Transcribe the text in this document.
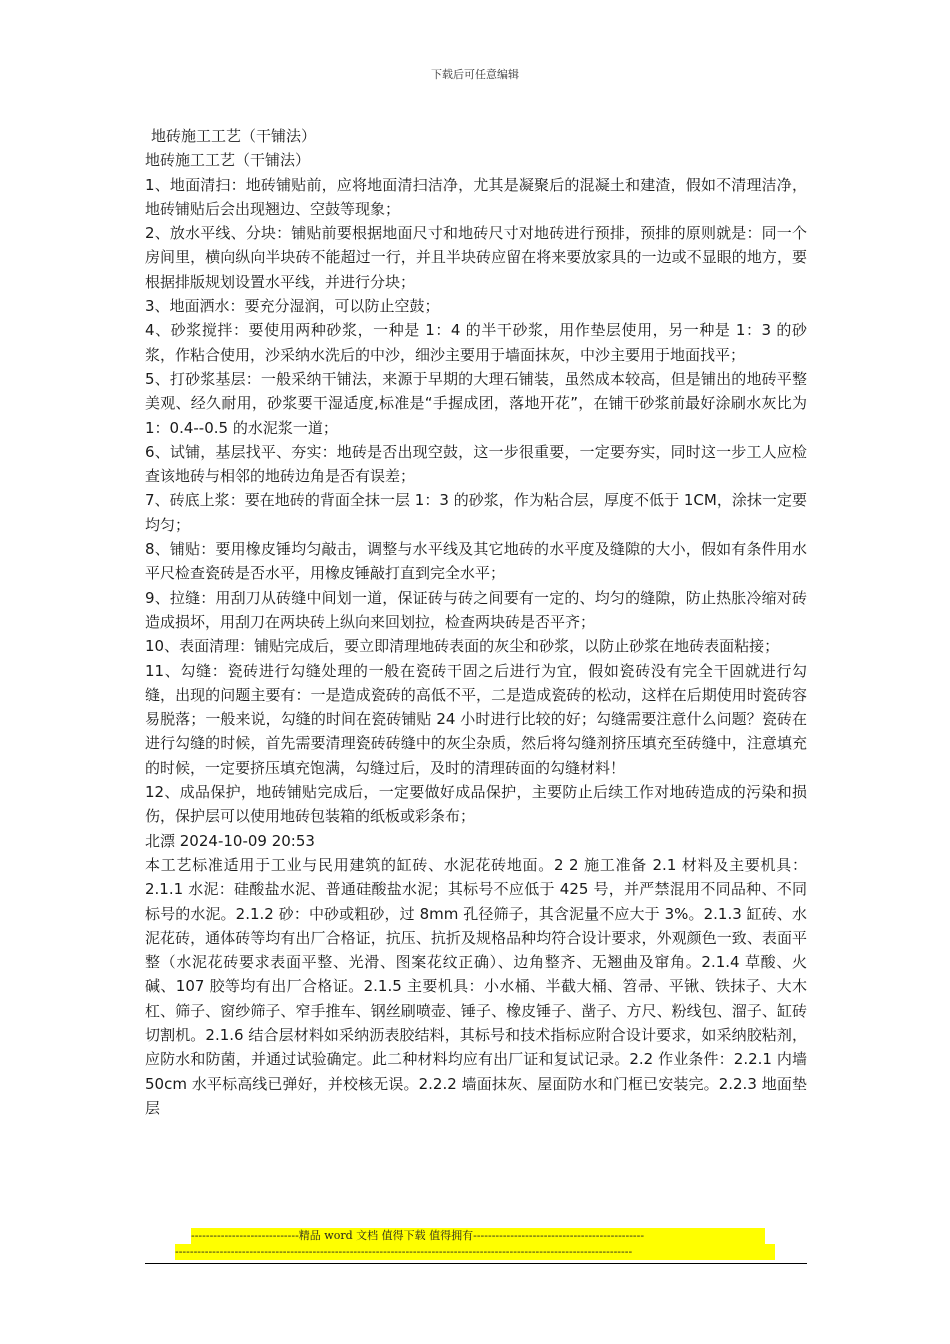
下载后可任意编辑

地砖施工工艺（干铺法）

地砖施工工艺（干铺法）

1、地面清扫：地砖铺贴前，应将地面清扫洁净，尤其是凝聚后的混凝土和建渣，假如不清理洁净，地砖铺贴后会出现翘边、空鼓等现象；

2、放水平线、分块：铺贴前要根据地面尺寸和地砖尺寸对地砖进行预排，预排的原则就是：同一个房间里，横向纵向半块砖不能超过一行，并且半块砖应留在将来要放家具的一边或不显眼的地方，要根据排版规划设置水平线，并进行分块；

3、地面洒水：要充分湿润，可以防止空鼓；

4、砂浆搅拌：要使用两种砂浆，一种是 1：4 的半干砂浆，用作垫层使用，另一种是 1：3 的砂浆，作粘合使用，沙采纳水洗后的中沙，细沙主要用于墙面抹灰，中沙主要用于地面找平；

5、打砂浆基层：一般采纳干铺法，来源于早期的大理石铺装，虽然成本较高，但是铺出的地砖平整美观、经久耐用，砂浆要干湿适度,标准是“手握成团，落地开花”，在铺干砂浆前最好涂刷水灰比为 1：0.4--0.5 的水泥浆一道；

6、试铺，基层找平、夯实：地砖是否出现空鼓，这一步很重要，一定要夯实，同时这一步工人应检查该地砖与相邻的地砖边角是否有误差；

7、砖底上浆：要在地砖的背面全抹一层 1：3 的砂浆，作为粘合层，厚度不低于 1CM，涂抹一定要均匀；

8、铺贴：要用橡皮锤均匀敲击，调整与水平线及其它地砖的水平度及缝隙的大小，假如有条件用水平尺检查瓷砖是否水平，用橡皮锤敲打直到完全水平；

9、拉缝：用刮刀从砖缝中间划一道，保证砖与砖之间要有一定的、均匀的缝隙，防止热胀冷缩对砖造成损坏，用刮刀在两块砖上纵向来回划拉，检查两块砖是否平齐；

10、表面清理：铺贴完成后，要立即清理地砖表面的灰尘和砂浆，以防止砂浆在地砖表面粘接；

11、勾缝：瓷砖进行勾缝处理的一般在瓷砖干固之后进行为宜，假如瓷砖没有完全干固就进行勾缝，出现的问题主要有：一是造成瓷砖的高低不平，二是造成瓷砖的松动，这样在后期使用时瓷砖容易脱落；一般来说，勾缝的时间在瓷砖铺贴 24 小时进行比较的好；勾缝需要注意什么问题？瓷砖在进行勾缝的时候，首先需要清理瓷砖砖缝中的灰尘杂质，然后将勾缝剂挤压填充至砖缝中，注意填充的时候，一定要挤压填充饱满，勾缝过后，及时的清理砖面的勾缝材料！

12、成品保护，地砖铺贴完成后，一定要做好成品保护，主要防止后续工作对地砖造成的污染和损伤，保护层可以使用地砖包装箱的纸板或彩条布；

北漂 2024-10-09 20:53

本工艺标准适用于工业与民用建筑的缸砖、水泥花砖地面。2 2 施工准备 2.1 材料及主要机具：2.1.1 水泥：硅酸盐水泥、普通硅酸盐水泥；其标号不应低于 425 号，并严禁混用不同品种、不同标号的水泥。2.1.2 砂：中砂或粗砂，过 8mm 孔径筛子，其含泥量不应大于 3%。2.1.3 缸砖、水泥花砖，通体砖等均有出厂合格证，抗压、抗折及规格品种均符合设计要求，外观颜色一致、表面平整（水泥花砖要求表面平整、光滑、图案花纹正确）、边角整齐、无翘曲及窜角。2.1.4 草酸、火碱、107 胶等均有出厂合格证。2.1.5 主要机具：小水桶、半截大桶、笤帚、平锹、铁抹子、大木杠、筛子、窗纱筛子、窄手推车、钢丝刷喷壶、锤子、橡皮锤子、凿子、方尺、粉线包、溜子、缸砖切割机。2.1.6 结合层材料如采纳沥表胶结料，其标号和技术指标应附合设计要求，如采纳胶粘剂，应防水和防菌，并通过试验确定。此二种材料均应有出厂证和复试记录。2.2 作业条件：2.2.1 内墙 50cm 水平标高线已弹好，并校核无误。2.2.2 墙面抹灰、屋面防水和门框已安装完。2.2.3 地面垫层

-----------------------------精品 word 文档 值得下载 值得拥有----------------------------------------------
---------------------------------------------------------------------------------------------------------------------------
